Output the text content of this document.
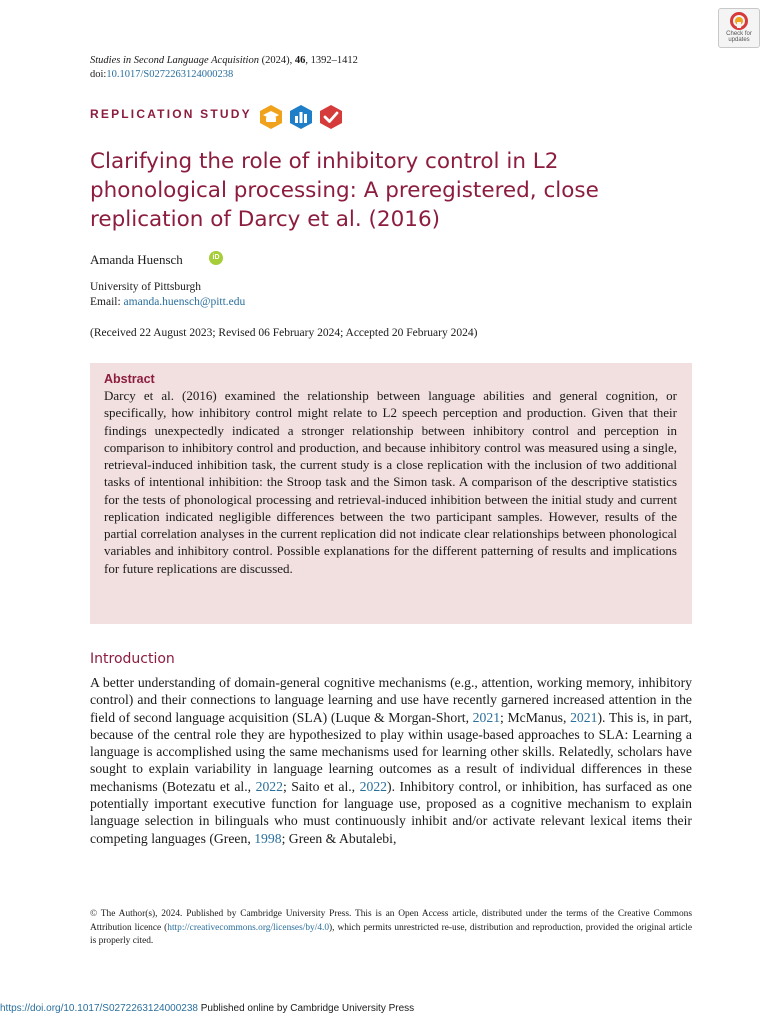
Check for
updates
Studies in Second Language Acquisition (2024), 46, 1392–1412
doi:10.1017/S0272263124000238
REPLICATION STUDY
Clarifying the role of inhibitory control in L2 phonological processing: A preregistered, close replication of Darcy et al. (2016)
Amanda Huensch	iD
University of Pittsburgh
Email: amanda.huensch@pitt.edu
(Received 22 August 2023; Revised 06 February 2024; Accepted 20 February 2024)
Abstract
Darcy et al. (2016) examined the relationship between language abilities and general cognition, or specifically, how inhibitory control might relate to L2 speech perception and production. Given that their findings unexpectedly indicated a stronger relationship between inhibitory control and perception in comparison to inhibitory control and production, and because inhibitory control was measured using a single, retrieval-induced inhibition task, the current study is a close replication with the inclusion of two additional tasks of intentional inhibition: the Stroop task and the Simon task. A comparison of the descriptive statistics for the tests of phonological processing and retrieval-induced inhibition between the initial study and current replication indicated negligible differences between the two participant samples. However, results of the partial correlation analyses in the current replication did not indicate clear relationships between phonological variables and inhibitory control. Possible explanations for the different patterning of results and implications for future replications are discussed.
Introduction
A better understanding of domain-general cognitive mechanisms (e.g., attention, working memory, inhibitory control) and their connections to language learning and use have recently garnered increased attention in the field of second language acquisition (SLA) (Luque & Morgan-Short, 2021; McManus, 2021). This is, in part, because of the central role they are hypothesized to play within usage-based approaches to SLA: Learning a language is accomplished using the same mechanisms used for learning other skills. Relatedly, scholars have sought to explain variability in language learning outcomes as a result of individual differences in these mechanisms (Botezatu et al., 2022; Saito et al., 2022). Inhibitory control, or inhibition, has surfaced as one potentially important executive function for language use, proposed as a cognitive mechanism to explain language selection in bilinguals who must continuously inhibit and/or activate relevant lexical items their competing languages (Green, 1998; Green & Abutalebi,
© The Author(s), 2024. Published by Cambridge University Press. This is an Open Access article, distributed under the terms of the Creative Commons Attribution licence (http://creativecommons.org/licenses/by/4.0), which permits unrestricted re-use, distribution and reproduction, provided the original article is properly cited.
https://doi.org/10.1017/S0272263124000238 Published online by Cambridge University Press
